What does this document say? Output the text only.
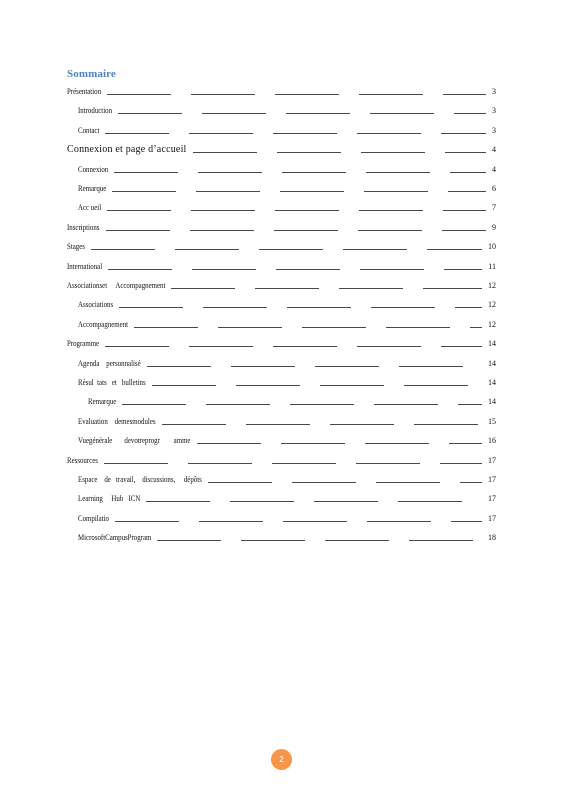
Sommaire
Présentation	3
Introduction	3
Contact	3
Connexion et page d’accueil	4
Connexion	4
Remarque	6
Acc ueil	7
Inscriptions	9
Stages	10
International	11
Associationset     Accompagnement	12
Associations	12
Accompagnement	12
Programme	14
Agenda    personnalisé	14
Résul  tats   et   bulletins	14
Remarque	14
Evaluation    demesmodules	15
Vuegénérale       devotreprogr        amme	16
Ressources	17
Espace    de   travail,    discussions,     dépôts	17
Learning     Hub   ICN	17
Compilatio	17
MicrosoftCampusProgram	18
2
